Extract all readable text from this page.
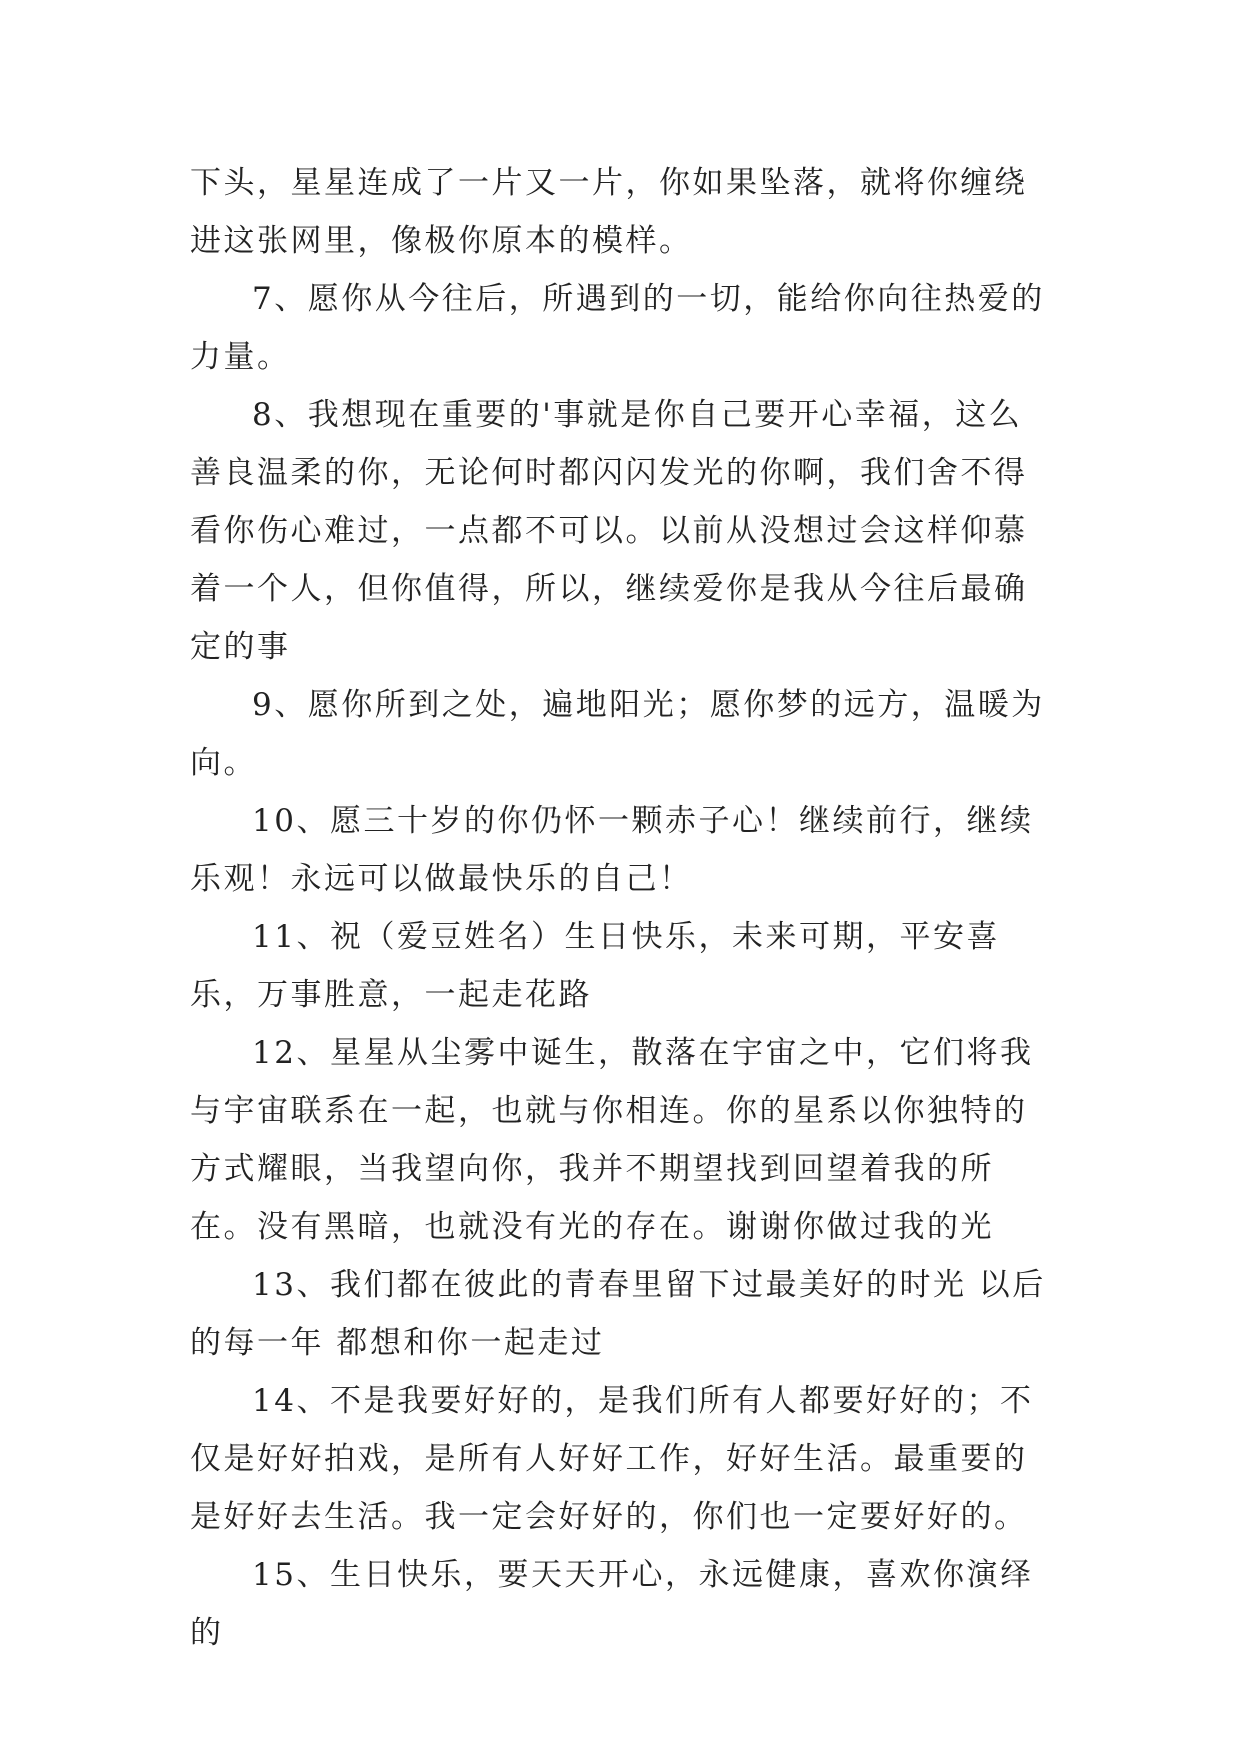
下头，星星连成了一片又一片，你如果坠落，就将你缠绕进这张网里，像极你原本的模样。

7、愿你从今往后，所遇到的一切，能给你向往热爱的力量。

8、我想现在重要的'事就是你自己要开心幸福，这么善良温柔的你，无论何时都闪闪发光的你啊，我们舍不得看你伤心难过，一点都不可以。以前从没想过会这样仰慕着一个人，但你值得，所以，继续爱你是我从今往后最确定的事

9、愿你所到之处，遍地阳光；愿你梦的远方，温暖为向。

10、愿三十岁的你仍怀一颗赤子心！继续前行，继续乐观！永远可以做最快乐的自己！

11、祝（爱豆姓名）生日快乐，未来可期，平安喜乐，万事胜意，一起走花路

12、星星从尘雾中诞生，散落在宇宙之中，它们将我与宇宙联系在一起，也就与你相连。你的星系以你独特的方式耀眼，当我望向你，我并不期望找到回望着我的所在。没有黑暗，也就没有光的存在。谢谢你做过我的光

13、我们都在彼此的青春里留下过最美好的时光 以后的每一年 都想和你一起走过

14、不是我要好好的，是我们所有人都要好好的；不仅是好好拍戏，是所有人好好工作，好好生活。最重要的是好好去生活。我一定会好好的，你们也一定要好好的。

15、生日快乐，要天天开心，永远健康，喜欢你演绎的
